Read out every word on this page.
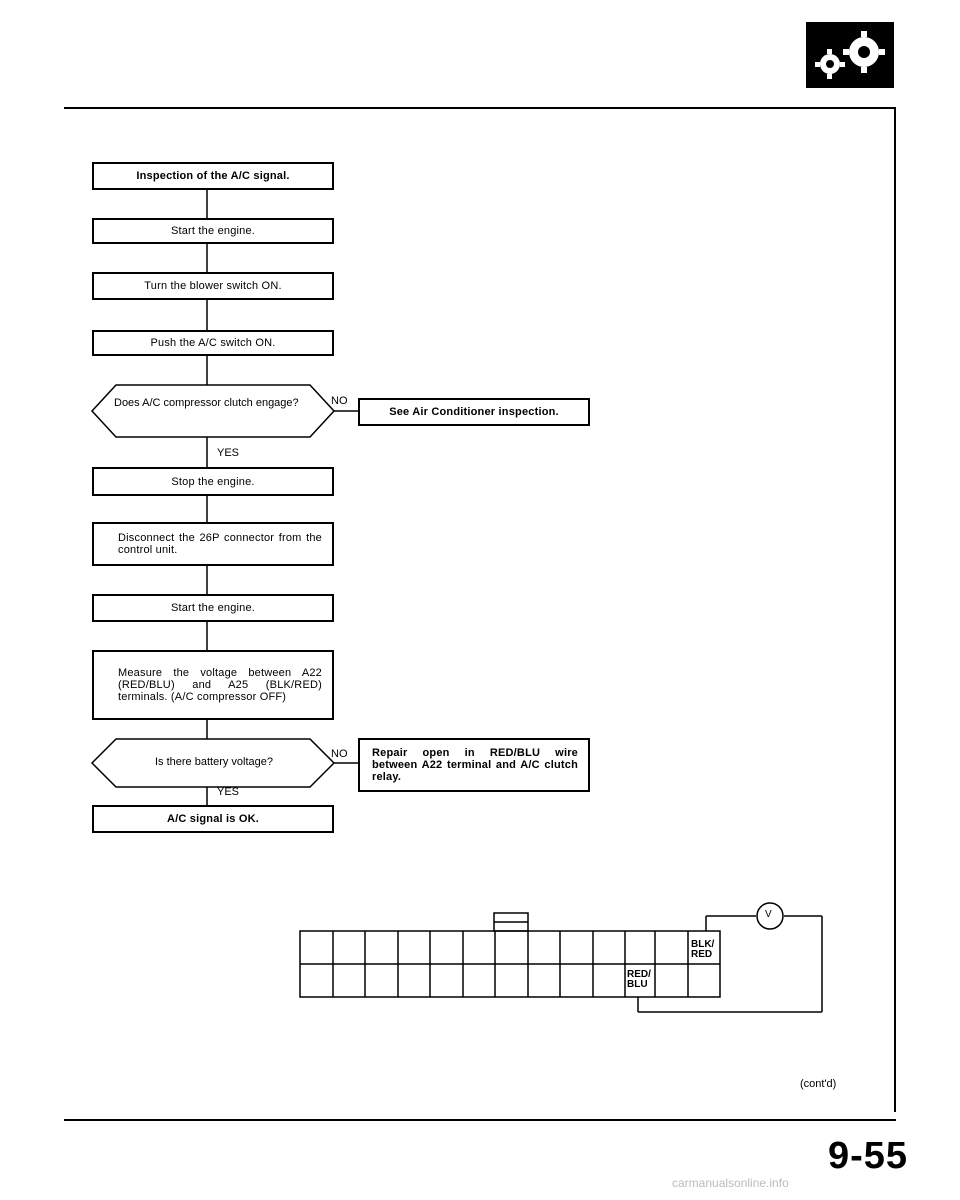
Inspection of the A/C signal.
Start the engine.
Turn the blower switch ON.
Push the A/C switch ON.
Does A/C compressor clutch engage?	NO
See Air Conditioner inspection.
YES
Stop the engine.
Disconnect the 26P connector from the control unit.
Start the engine.
Measure the voltage between A22 (RED/BLU) and A25 (BLK/RED) terminals. (A/C compressor OFF)
Is there battery voltage?
NO Repair open in RED/BLU wire between A22 terminal and A/C clutch relay.
YES
A/C signal is OK.
BLK/
RED
RED/
BLU
V
(cont'd)
9-55
carmanualsonline.info
